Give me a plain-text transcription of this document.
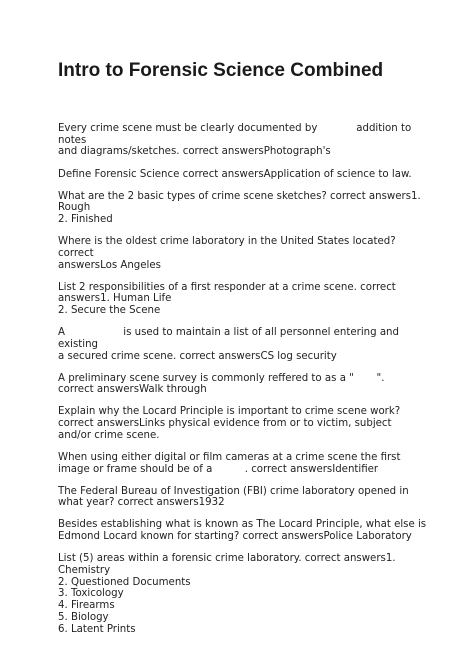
Intro to Forensic Science Combined

Every crime scene must be clearly documented by            addition to notes
and diagrams/sketches. correct answersPhotograph's

Define Forensic Science correct answersApplication of science to law.

What are the 2 basic types of crime scene sketches? correct answers1.
Rough
2. Finished

Where is the oldest crime laboratory in the United States located? correct
answersLos Angeles

List 2 responsibilities of a first responder at a crime scene. correct
answers1. Human Life
2. Secure the Scene

A                  is used to maintain a list of all personnel entering and existing
a secured crime scene. correct answersCS log security

A preliminary scene survey is commonly reffered to as a "       ".
correct answersWalk through

Explain why the Locard Principle is important to crime scene work?
correct answersLinks physical evidence from or to victim, subject
and/or crime scene.

When using either digital or film cameras at a crime scene the first
image or frame should be of a          . correct answersIdentifier

The Federal Bureau of Investigation (FBI) crime laboratory opened in
what year? correct answers1932

Besides establishing what is known as The Locard Principle, what else is
Edmond Locard known for starting? correct answersPolice Laboratory

List (5) areas within a forensic crime laboratory. correct answers1.
Chemistry
2. Questioned Documents
3. Toxicology
4. Firearms
5. Biology
6. Latent Prints
